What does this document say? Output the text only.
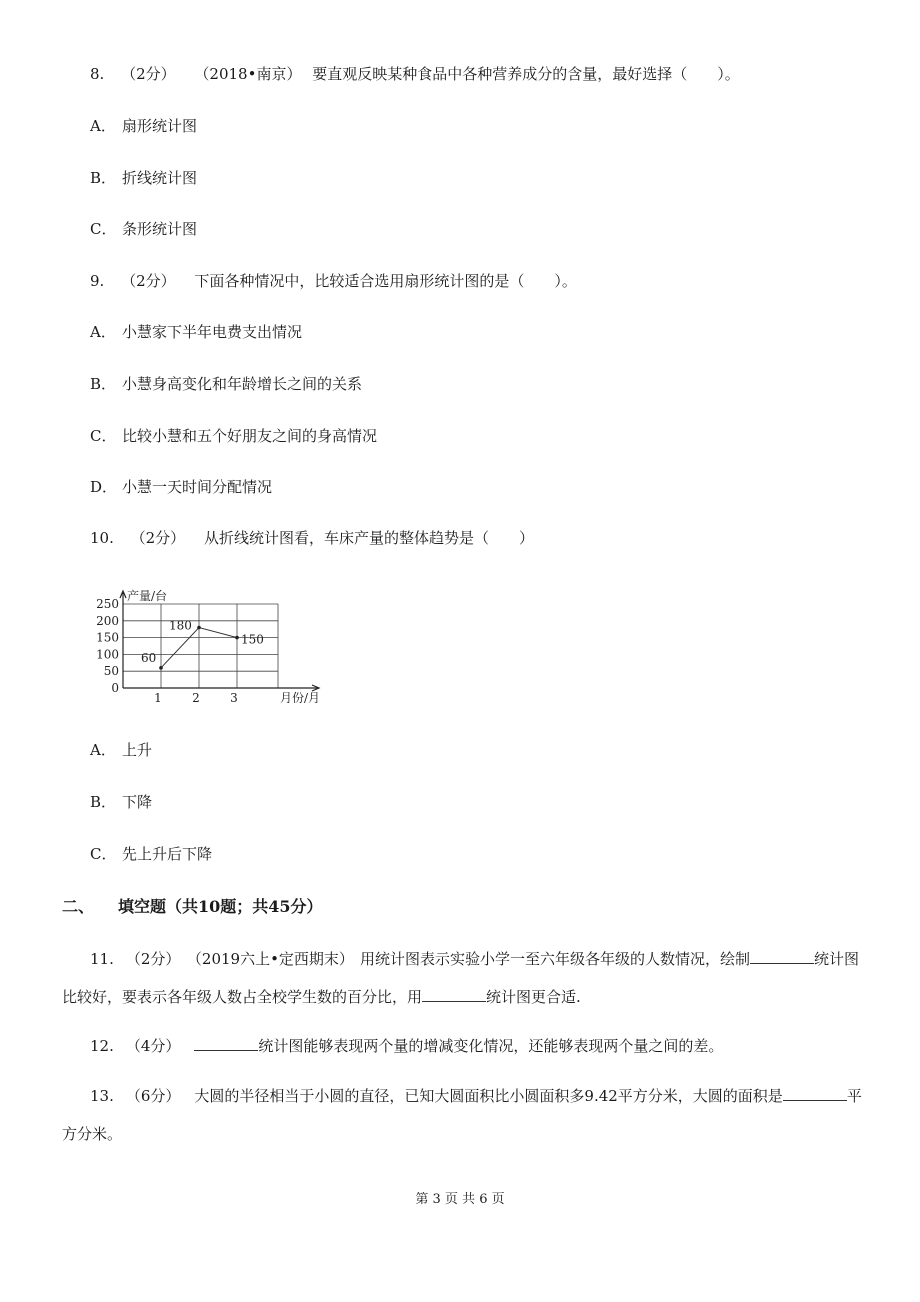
8. （2分） （2018•南京） 要直观反映某种食品中各种营养成分的含量，最好选择（　　）。
A． 扇形统计图
B． 折线统计图
C． 条形统计图
9. （2分） 下面各种情况中，比较适合选用扇形统计图的是（　　）。
A． 小慧家下半年电费支出情况
B． 小慧身高变化和年龄增长之间的关系
C． 比较小慧和五个好朋友之间的身高情况
D． 小慧一天时间分配情况
10. （2分） 从折线统计图看，车床产量的整体趋势是（　　）
0
50
100
150
200
250
1	2	3
产量/台
月份/月
60
180
150
A． 上升
B． 下降
C． 先上升后下降
二、 填空题（共10题；共45分）
11. （2分） （2019六上•定西期末） 用统计图表示实验小学一至六年级各年级的人数情况，绘制	统计图比较好，要表示各年级人数占全校学生数的百分比，用	统计图更合适.
12. （4分）	统计图能够表现两个量的增减变化情况，还能够表现两个量之间的差。
13. （6分） 大圆的半径相当于小圆的直径，已知大圆面积比小圆面积多9.42平方分米，大圆的面积是	平方分米。
第 3 页 共 6 页
